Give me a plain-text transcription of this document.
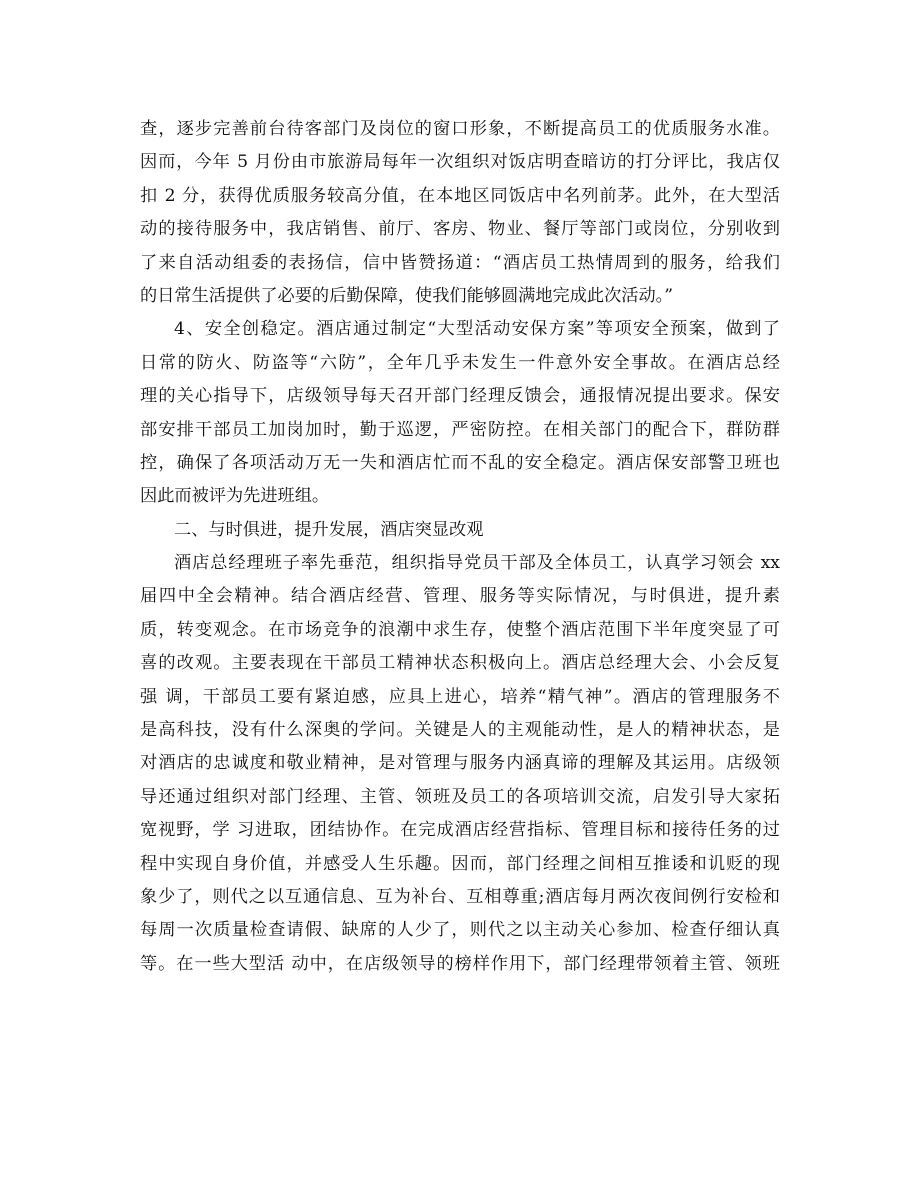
查，逐步完善前台待客部门及岗位的窗口形象，不断提高员工的优质服务水准。
因而，今年 5 月份由市旅游局每年一次组织对饭店明查暗访的打分评比，我店仅
扣 2 分，获得优质服务较高分值，在本地区同饭店中名列前茅。此外，在大型活
动的接待服务中，我店销售、前厅、客房、物业、餐厅等部门或岗位，分别收到
了来自活动组委的表扬信，信中皆赞扬道：“酒店员工热情周到的服务，给我们
的日常生活提供了必要的后勤保障，使我们能够圆满地完成此次活动。”
4、安全创稳定。酒店通过制定“大型活动安保方案”等项安全预案，做到了
日常的防火、防盗等“六防”，全年几乎未发生一件意外安全事故。在酒店总经
理的关心指导下，店级领导每天召开部门经理反馈会，通报情况提出要求。保安
部安排干部员工加岗加时，勤于巡逻，严密防控。在相关部门的配合下，群防群
控，确保了各项活动万无一失和酒店忙而不乱的安全稳定。酒店保安部警卫班也
因此而被评为先进班组。
二、与时俱进，提升发展，酒店突显改观
酒店总经理班子率先垂范，组织指导党员干部及全体员工，认真学习领会 xx
届四中全会精神。结合酒店经营、管理、服务等实际情况，与时俱进，提升素
质，转变观念。在市场竞争的浪潮中求生存，使整个酒店范围下半年度突显了可
喜的改观。主要表现在干部员工精神状态积极向上。酒店总经理大会、小会反复
强 调，干部员工要有紧迫感，应具上进心，培养“精气神”。酒店的管理服务不
是高科技，没有什么深奥的学问。关键是人的主观能动性，是人的精神状态，是
对酒店的忠诚度和敬业精神，是对管理与服务内涵真谛的理解及其运用。店级领
导还通过组织对部门经理、主管、领班及员工的各项培训交流，启发引导大家拓
宽视野，学 习进取，团结协作。在完成酒店经营指标、管理目标和接待任务的过
程中实现自身价值，并感受人生乐趣。因而，部门经理之间相互推诿和讥贬的现
象少了，则代之以互通信息、互为补台、互相尊重;酒店每月两次夜间例行安检和
每周一次质量检查请假、缺席的人少了，则代之以主动关心参加、检查仔细认真
等。在一些大型活 动中，在店级领导的榜样作用下，部门经理带领着主管、领班
